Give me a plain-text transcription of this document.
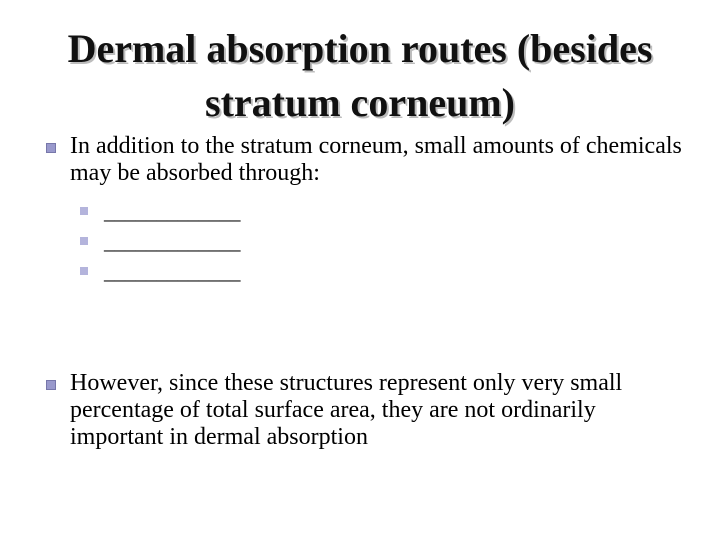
Dermal absorption routes (besides
stratum corneum)
In addition to the stratum corneum, small amounts of chemicals may be absorbed through:
_____________
_____________
_____________
However, since these structures represent only very small percentage of total surface area, they are not ordinarily important in dermal absorption
